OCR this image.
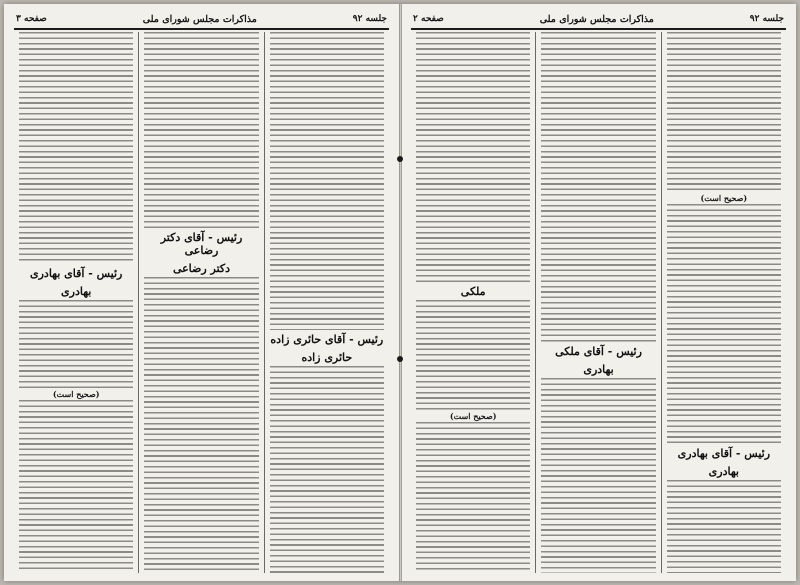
جلسه ۹۲
مذاکرات مجلس شورای ملی
صفحه ۳
رئیس - آقای حائری زاده
حائری زاده
رئیس - آقای دکتر رضاعی
دکتر رضاعی
رئیس - آقای بهادری
بهادری
(صحیح است)
جلسه ۹۲
مذاکرات مجلس شورای ملی
صفحه ۲
(صحیح است)
رئیس - آقای بهادری
بهادری
رئیس - آقای ملکی
بهادری
ملکی
(صحیح است)
